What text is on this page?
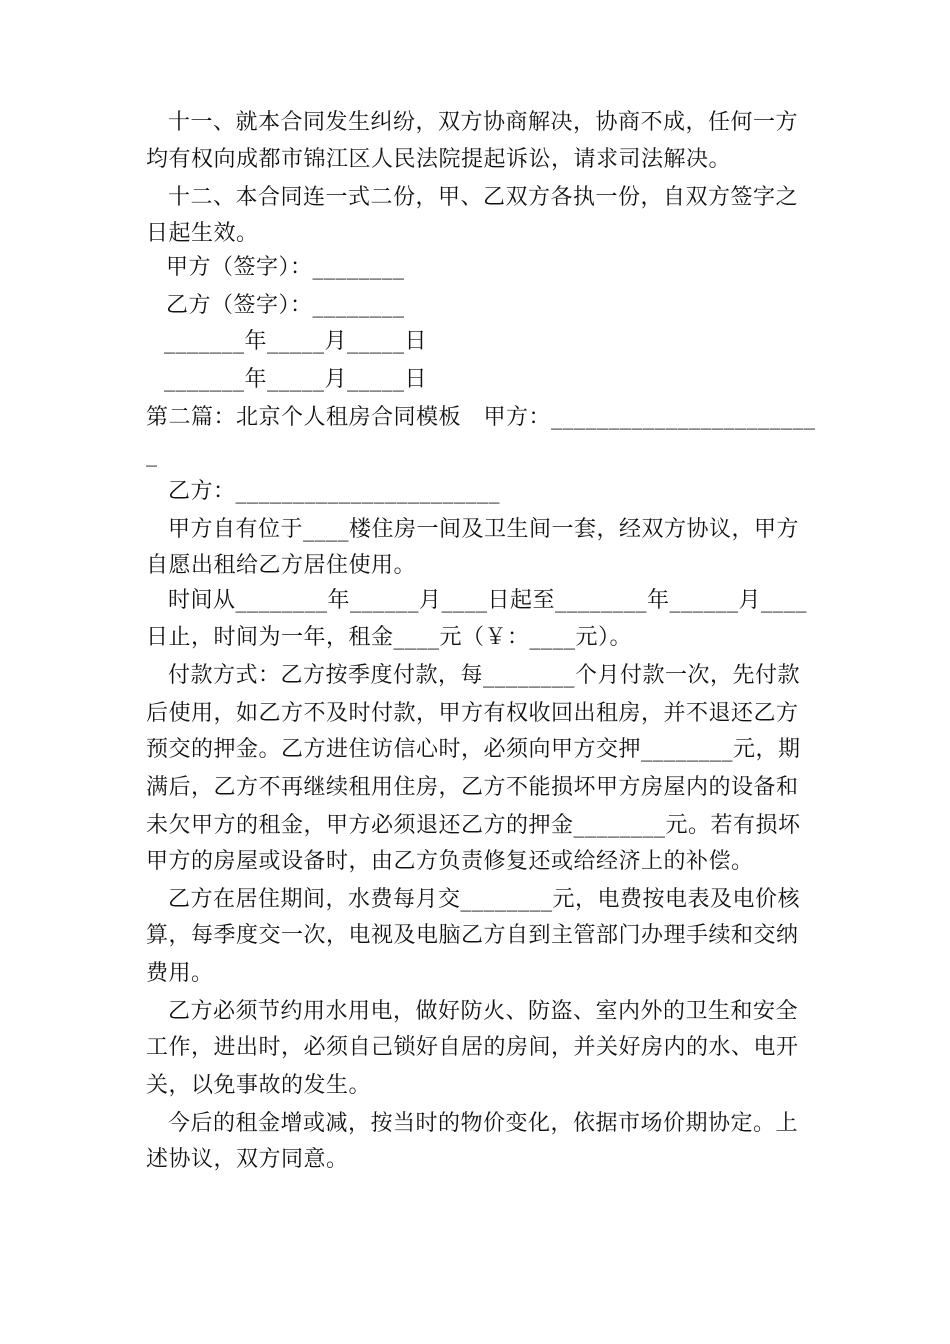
十一、就本合同发生纠纷，双方协商解决，协商不成，任何一方
均有权向成都市锦江区人民法院提起诉讼，请求司法解决。
十二、本合同连一式二份，甲、乙双方各执一份，自双方签字之
日起生效。
甲方（签字）：________
乙方（签字）：________
_______年_____月_____日
_______年_____月_____日
第二篇：北京个人租房合同模板　甲方：_______________________
_
乙方：_______________________
甲方自有位于____楼住房一间及卫生间一套，经双方协议，甲方
自愿出租给乙方居住使用。
时间从________年______月____日起至________年______月____
日止，时间为一年，租金____元（￥：____元）。
付款方式：乙方按季度付款，每________个月付款一次，先付款
后使用，如乙方不及时付款，甲方有权收回出租房，并不退还乙方
预交的押金。乙方进住访信心时，必须向甲方交押________元，期
满后，乙方不再继续租用住房，乙方不能损坏甲方房屋内的设备和
未欠甲方的租金，甲方必须退还乙方的押金________元。若有损坏
甲方的房屋或设备时，由乙方负责修复还或给经济上的补偿。
乙方在居住期间，水费每月交________元，电费按电表及电价核
算，每季度交一次，电视及电脑乙方自到主管部门办理手续和交纳
费用。
乙方必须节约用水用电，做好防火、防盗、室内外的卫生和安全
工作，进出时，必须自己锁好自居的房间，并关好房内的水、电开
关，以免事故的发生。
今后的租金增或减，按当时的物价变化，依据市场价期协定。上
述协议，双方同意。
